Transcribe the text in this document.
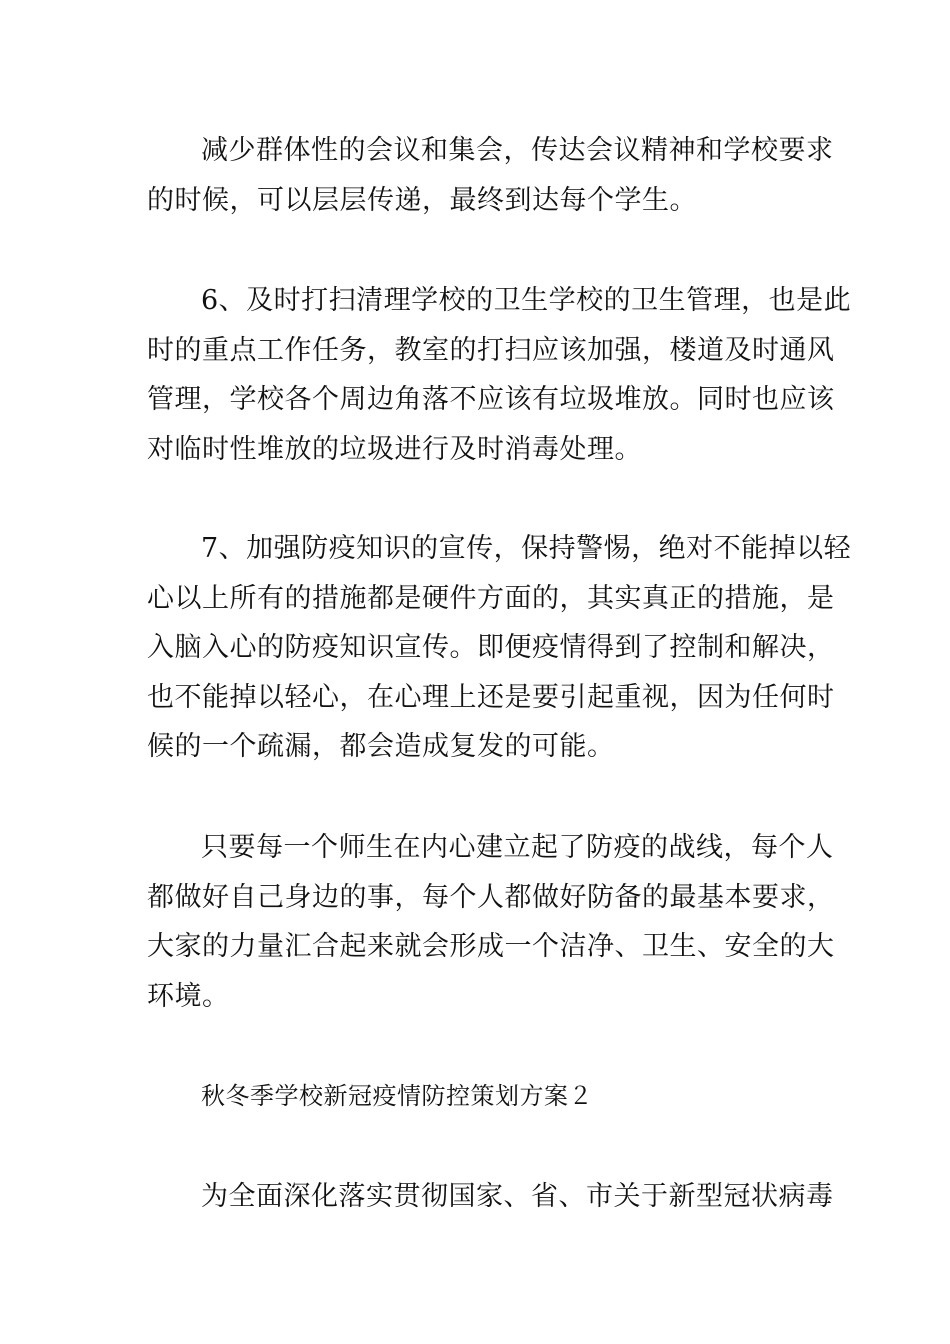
减少群体性的会议和集会，传达会议精神和学校要求
的时候，可以层层传递，最终到达每个学生。

6、及时打扫清理学校的卫生学校的卫生管理，也是此
时的重点工作任务，教室的打扫应该加强，楼道及时通风
管理，学校各个周边角落不应该有垃圾堆放。同时也应该
对临时性堆放的垃圾进行及时消毒处理。

7、加强防疫知识的宣传，保持警惕，绝对不能掉以轻
心以上所有的措施都是硬件方面的，其实真正的措施，是
入脑入心的防疫知识宣传。即便疫情得到了控制和解决，
也不能掉以轻心，在心理上还是要引起重视，因为任何时
候的一个疏漏，都会造成复发的可能。

只要每一个师生在内心建立起了防疫的战线，每个人
都做好自己身边的事，每个人都做好防备的最基本要求，
大家的力量汇合起来就会形成一个洁净、卫生、安全的大
环境。

秋冬季学校新冠疫情防控策划方案２

为全面深化落实贯彻国家、省、市关于新型冠状病毒
